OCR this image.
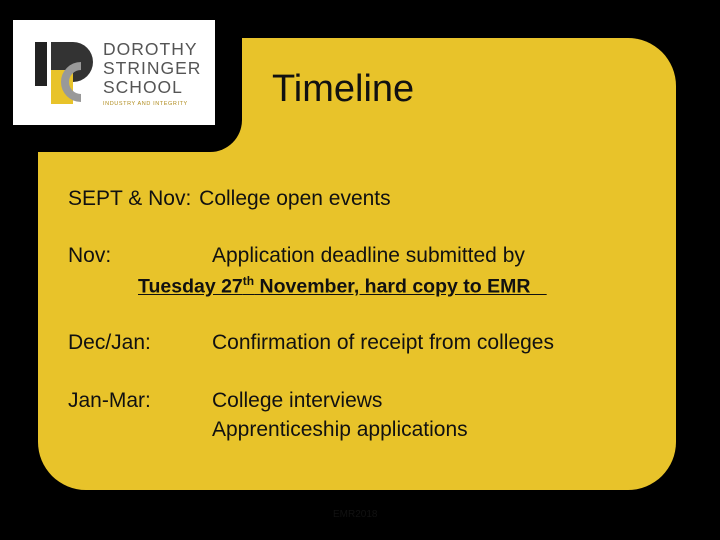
DOROTHY
STRINGER
SCHOOL
INDUSTRY AND INTEGRITY	Timeline
SEPT & Nov: College open events
Nov:	Application deadline submitted by
Tuesday 27th November, hard copy to EMR
Dec/Jan:	Confirmation of receipt from colleges
Jan-Mar:	College interviews
Apprenticeship applications
EMR2018
